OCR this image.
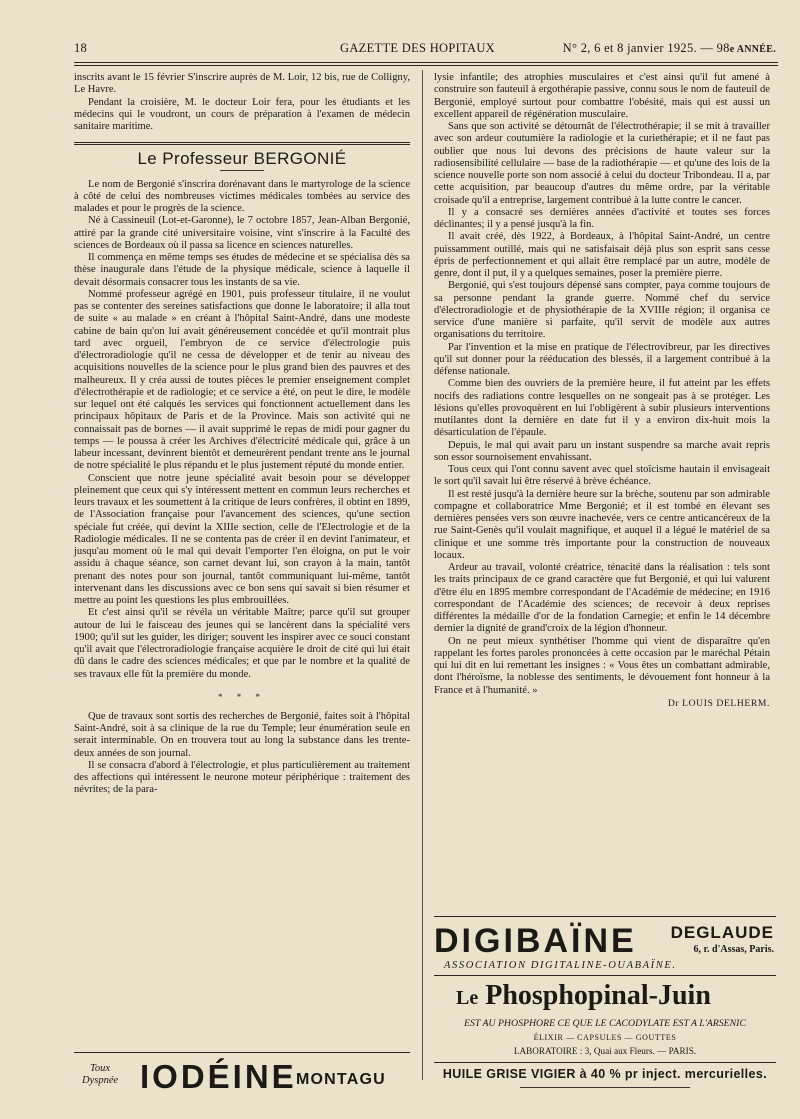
18	GAZETTE DES HOPITAUX	N° 2, 6 et 8 janvier 1925. — 98e ANNÉE.

inscrits avant le 15 février S'inscrire auprès de M. Loir, 12 bis, rue de Colligny, Le Havre.

Pendant la croisière, M. le docteur Loir fera, pour les étudiants et les médecins qui le voudront, un cours de préparation à l'examen de médecin sanitaire maritime.

Le Professeur BERGONIÉ

Le nom de Bergonié s'inscrira dorénavant dans le martyrologe de la science à côté de celui des nombreuses victimes médicales tombées au service des malades et pour le progrès de la science.

Né à Cassineuil (Lot-et-Garonne), le 7 octobre 1857, Jean-Alban Bergonié, attiré par la grande cité universitaire voisine, vint s'inscrire à la Faculté des sciences de Bordeaux où il passa sa licence en sciences naturelles.

Il commença en même temps ses études de médecine et se spécialisa dès sa thèse inaugurale dans l'étude de la physique médicale, science à laquelle il devait désormais consacrer tous les instants de sa vie.

Nommé professeur agrégé en 1901, puis professeur titulaire, il ne voulut pas se contenter des sereines satisfactions que donne le laboratoire; il alla tout de suite « au malade » en créant à l'hôpital Saint-André, dans une modeste cabine de bain qu'on lui avait généreusement concédée et qu'il montrait plus tard avec orgueil, l'embryon de ce service d'électrologie puis d'électroradiologie qu'il ne cessa de développer et de tenir au niveau des acquisitions nouvelles de la science pour le plus grand bien des pauvres et des malheureux. Il y créa aussi de toutes pièces le premier enseignement complet d'électrothérapie et de radiologie; et ce service a été, on peut le dire, le modèle sur lequel ont été calqués les services qui fonctionnent actuellement dans les principaux hôpitaux de Paris et de la Province. Mais son activité qui ne connaissait pas de bornes — il avait supprimé le repas de midi pour gagner du temps — le poussa à créer les Archives d'électricité médicale qui, grâce à un labeur incessant, devinrent bientôt et demeurèrent pendant trente ans le journal de notre spécialité le plus répandu et le plus justement réputé du monde entier.

Conscient que notre jeune spécialité avait besoin pour se développer pleinement que ceux qui s'y intéressent mettent en commun leurs recherches et leurs travaux et les soumettent à la critique de leurs confrères, il obtint en 1899, de l'Association française pour l'avancement des sciences, qu'une section spéciale fut créée, qui devint la XIIIe section, celle de l'Electrologie et de la Radiologie médicales. Il ne se contenta pas de créer il en devint l'animateur, et jusqu'au moment où le mal qui devait l'emporter l'en éloigna, on put le voir assidu à chaque séance, son carnet devant lui, son crayon à la main, tantôt prenant des notes pour son journal, tantôt communiquant lui-même, tantôt intervenant dans les discussions avec ce bon sens qui savait si bien résumer et mettre au point les questions les plus embrouillées.

Et c'est ainsi qu'il se révéla un véritable Maître; parce qu'il sut grouper autour de lui le faisceau des jeunes qui se lancèrent dans la spécialité vers 1900; qu'il sut les guider, les diriger; souvent les inspirer avec ce souci constant qu'il avait que l'électroradiologie française acquière le droit de cité qui lui était dû dans le cadre des sciences médicales; et que par le nombre et la qualité de ses travaux elle fût la première du monde.

* * *

Que de travaux sont sortis des recherches de Bergonié, faites soit à l'hôpital Saint-André, soit à sa clinique de la rue du Temple; leur énumération seule en serait interminable. On en trouvera tout au long la substance dans les trente-deux années de son journal.

Il se consacra d'abord à l'électrologie, et plus particulièrement au traitement des affections qui intéressent le neurone moteur périphérique : traitement des névrites; de la para-

lysie infantile; des atrophies musculaires et c'est ainsi qu'il fut amené à construire son fauteuil à ergothérapie passive, connu sous le nom de fauteuil de Bergonié, employé surtout pour combattre l'obésité, mais qui est aussi un excellent appareil de régénération musculaire.

Sans que son activité se détournât de l'électrothérapie; il se mit à travailler avec son ardeur coutumière la radiologie et la curiethérapie; et il ne faut pas oublier que nous lui devons des précisions de haute valeur sur la radiosensibilité cellulaire — base de la radiothérapie — et qu'une des lois de la science nouvelle porte son nom associé à celui du docteur Tribondeau. Il a, par cette acquisition, par beaucoup d'autres du même ordre, par la véritable croisade qu'il a entreprise, largement contribué à la lutte contre le cancer.

Il y a consacré ses dernières années d'activité et toutes ses forces déclinantes; il y a pensé jusqu'à la fin.

Il avait créé, dès 1922, à Bordeaux, à l'hôpital Saint-André, un centre puissamment outillé, mais qui ne satisfaisait déjà plus son esprit sans cesse épris de perfectionnement et qui allait être remplacé par un autre, modèle de genre, dont il put, il y a quelques semaines, poser la première pierre.

Bergonié, qui s'est toujours dépensé sans compter, paya comme toujours de sa personne pendant la grande guerre. Nommé chef du service d'électroradiologie et de physiothérapie de la XVIIIe région; il organisa ce service d'une manière si parfaite, qu'il servit de modèle aux autres organisations du territoire.

Par l'invention et la mise en pratique de l'électrovibreur, par les directives qu'il sut donner pour la rééducation des blessés, il a largement contribué à la défense nationale.

Comme bien des ouvriers de la première heure, il fut atteint par les effets nocifs des radiations contre lesquelles on ne songeait pas à se protéger. Les lésions qu'elles provoquèrent en lui l'obligèrent à subir plusieurs interventions mutilantes dont la dernière en date fut il y a environ dix-huit mois la désarticulation de l'épaule.

Depuis, le mal qui avait paru un instant suspendre sa marche avait repris son essor sournoisement envahissant.

Tous ceux qui l'ont connu savent avec quel stoïcisme hautain il envisageait le sort qu'il savait lui être réservé à brève échéance.

Il est resté jusqu'à la dernière heure sur la brèche, soutenu par son admirable compagne et collaboratrice Mme Bergonié; et il est tombé en élevant ses dernières pensées vers son œuvre inachevée, vers ce centre anticancéreux de la rue Saint-Genès qu'il voulait magnifique, et auquel il a légué le matériel de sa clinique et une somme très importante pour la construction de nouveaux locaux.

Ardeur au travail, volonté créatrice, ténacité dans la réalisation : tels sont les traits principaux de ce grand caractère que fut Bergonié, et qui lui valurent d'être élu en 1895 membre correspondant de l'Académie de médecine; en 1916 correspondant de l'Académie des sciences; de recevoir à deux reprises différentes la médaille d'or de la fondation Carnegie; et enfin le 14 décembre dernier la dignité de grand'croix de la légion d'honneur.

On ne peut mieux synthétiser l'homme qui vient de disparaître qu'en rappelant les fortes paroles prononcées à cette occasion par le maréchal Pétain qui lui dit en lui remettant les insignes : « Vous êtes un combattant admirable, dont l'héroïsme, la noblesse des sentiments, le dévouement font honneur à la France et à l'humanité. »

Dr LOUIS DELHERM.
Toux
Dyspnée IODÉINE MONTAGU
DIGIBAÏNE DEGLAUDE
6, r. d'Assas, Paris.
ASSOCIATION DIGITALINE-OUABAÏNE.
Le Phosphopinal-Juin
EST AU PHOSPHORE CE QUE LE CACODYLATE EST A L'ARSENIC
ÉLIXIR — CAPSULES — GOUTTES
LABORATOIRE : 3, Quai aux Fleurs. — PARIS.
HUILE GRISE VIGIER à 40 % pr inject. mercurielles.
